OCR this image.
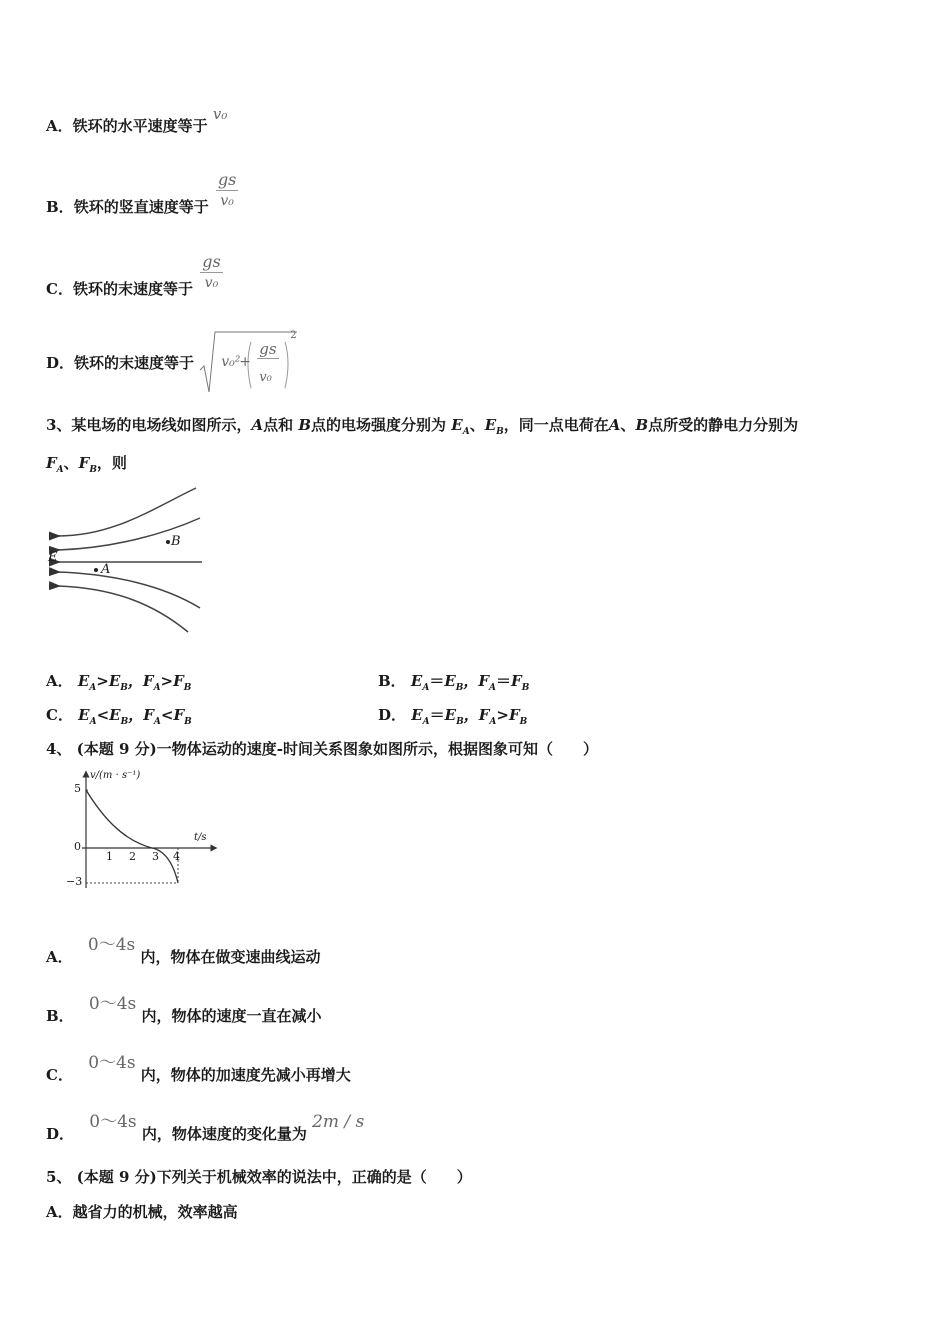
A．铁环的水平速度等于 v₀
B．铁环的竖直速度等于 $\frac{gs}{\text{v₀}}$
C．铁环的末速度等于 $\frac{gs}{\text{v₀}}$
D．铁环的末速度等于 v₀²
+
gs
v₀
2
3、某电场的电场线如图所示，A点和 B点的电场强度分别为 $E_A$、$E_B$，同一点电荷在A、B点所受的静电力分别为
$F_A$、$F_B$，则
E
B
A
A． $E_A>E_B$，$F_A>F_B$	B． $E_A=E_B$，$F_A=F_B$
C． $E_A<E_B$，$F_A<F_B$	D． $E_A=E_B$，$F_A>F_B$
4、 (本题 9 分)一物体运动的速度-时间关系图象如图所示，根据图象可知（　　）
v/(m · s⁻¹)
t/s
5
0
−3
1 2 3 4
A． 0～4s 内，物体在做变速曲线运动
B． 0～4s 内，物体的速度一直在减小
C． 0～4s 内，物体的加速度先减小再增大
D． 0～4s 内，物体速度的变化量为 2m / s
5、 (本题 9 分)下列关于机械效率的说法中，正确的是（　　）
A．越省力的机械，效率越高
